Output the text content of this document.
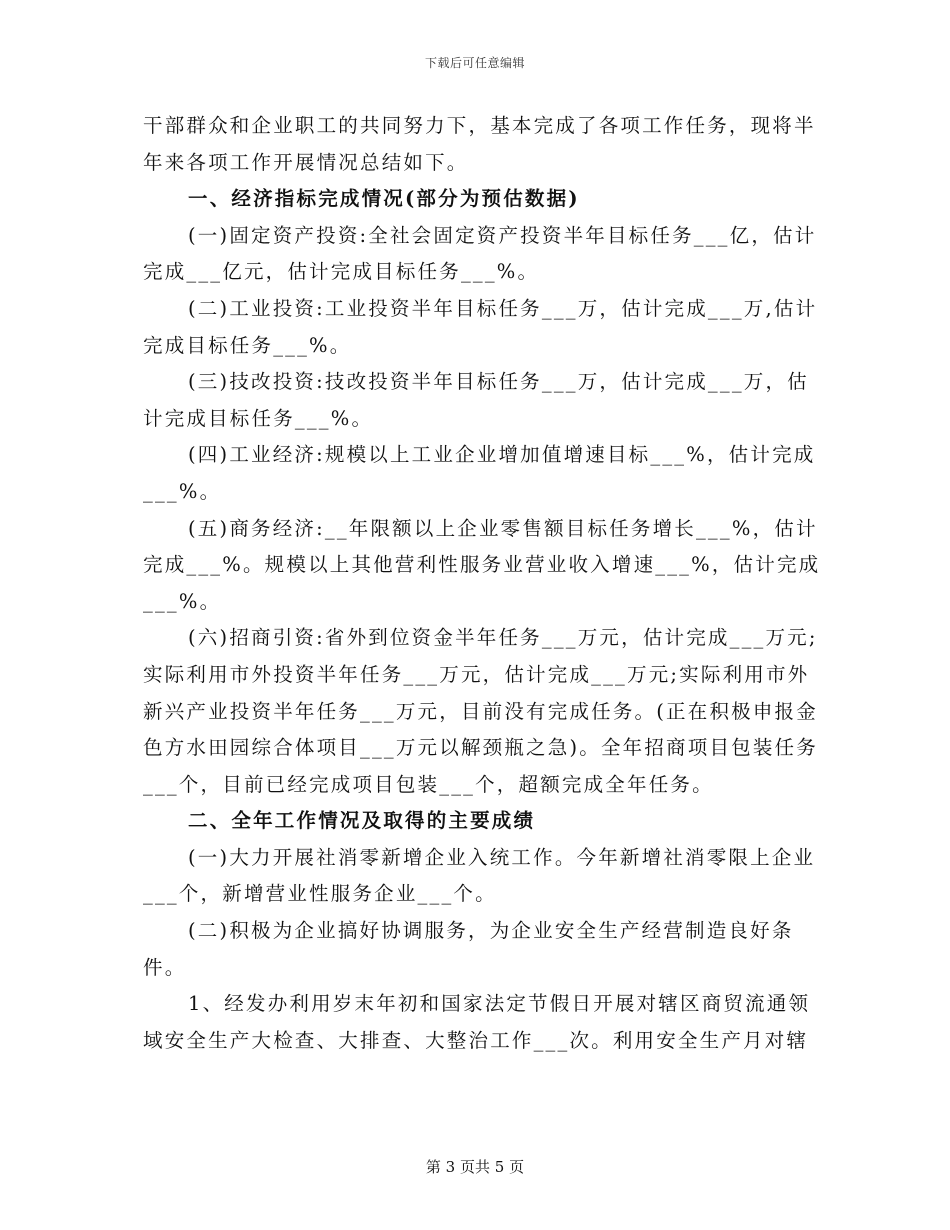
下载后可任意编辑

干部群众和企业职工的共同努力下，基本完成了各项工作任务，现将半年来各项工作开展情况总结如下。

一、经济指标完成情况(部分为预估数据)

(一)固定资产投资:全社会固定资产投资半年目标任务___亿，估计完成___亿元，估计完成目标任务___%。

(二)工业投资:工业投资半年目标任务___万，估计完成___万,估计完成目标任务___%。

(三)技改投资:技改投资半年目标任务___万，估计完成___万，估计完成目标任务___%。

(四)工业经济:规模以上工业企业增加值增速目标___%，估计完成___%。

(五)商务经济:__年限额以上企业零售额目标任务增长___%，估计完成___%。规模以上其他营利性服务业营业收入增速___%，估计完成___%。

(六)招商引资:省外到位资金半年任务___万元，估计完成___万元;实际利用市外投资半年任务___万元，估计完成___万元;实际利用市外新兴产业投资半年任务___万元，目前没有完成任务。(正在积极申报金色方水田园综合体项目___万元以解颈瓶之急)。全年招商项目包装任务___个，目前已经完成项目包装___个，超额完成全年任务。

二、全年工作情况及取得的主要成绩

(一)大力开展社消零新增企业入统工作。今年新增社消零限上企业___个，新增营业性服务企业___个。

(二)积极为企业搞好协调服务，为企业安全生产经营制造良好条件。

1、经发办利用岁末年初和国家法定节假日开展对辖区商贸流通领域安全生产大检查、大排查、大整治工作___次。利用安全生产月对辖

第 3 页共 5 页
